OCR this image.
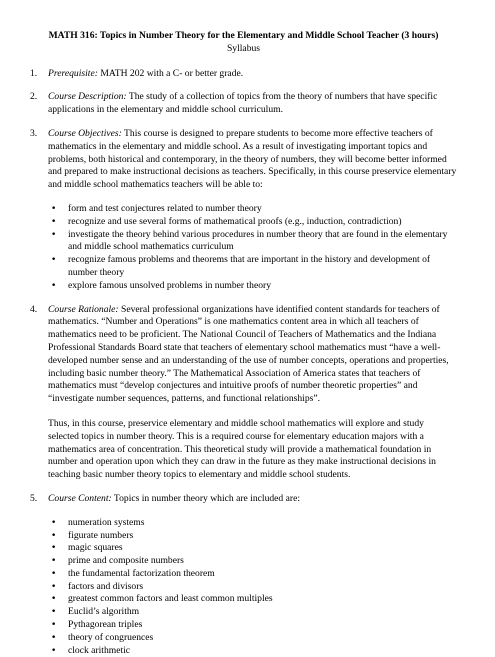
MATH 316: Topics in Number Theory for the Elementary and Middle School Teacher (3 hours)
Syllabus
1.	Prerequisite: MATH 202 with a C- or better grade.

2.	Course Description: The study of a collection of topics from the theory of numbers that have specific applications in the elementary and middle school curriculum.

3.	Course Objectives: This course is designed to prepare students to become more effective teachers of mathematics in the elementary and middle school. As a result of investigating important topics and problems, both historical and contemporary, in the theory of numbers, they will become better informed and prepared to make instructional decisions as teachers. Specifically, in this course preservice elementary and middle school mathematics teachers will be able to:

•
form and test conjectures related to number theory
•
recognize and use several forms of mathematical proofs (e.g., induction, contradiction)
•
investigate the theory behind various procedures in number theory that are found in the elementary and middle school mathematics curriculum
•
recognize famous problems and theorems that are important in the history and development of number theory
•
explore famous unsolved problems in number theory
4.	Course Rationale: Several professional organizations have identified content standards for teachers of mathematics. “Number and Operations” is one mathematics content area in which all teachers of mathematics need to be proficient. The National Council of Teachers of Mathematics and the Indiana Professional Standards Board state that teachers of elementary school mathematics must “have a well-developed number sense and an understanding of the use of number concepts, operations and properties, including basic number theory.” The Mathematical Association of America states that teachers of mathematics must “develop conjectures and intuitive proofs of number theoretic properties” and “investigate number sequences, patterns, and functional relationships”.

Thus, in this course, preservice elementary and middle school mathematics will explore and study selected topics in number theory. This is a required course for elementary education majors with a mathematics area of concentration. This theoretical study will provide a mathematical foundation in number and operation upon which they can draw in the future as they make instructional decisions in teaching basic number theory topics to elementary and middle school students.

5.	Course Content: Topics in number theory which are included are:

•
numeration systems
•
figurate numbers
•
magic squares
•
prime and composite numbers
•
the fundamental factorization theorem
•
factors and divisors
•
greatest common factors and least common multiples
•
Euclid’s algorithm
•
Pythagorean triples
•
theory of congruences
•
clock arithmetic
